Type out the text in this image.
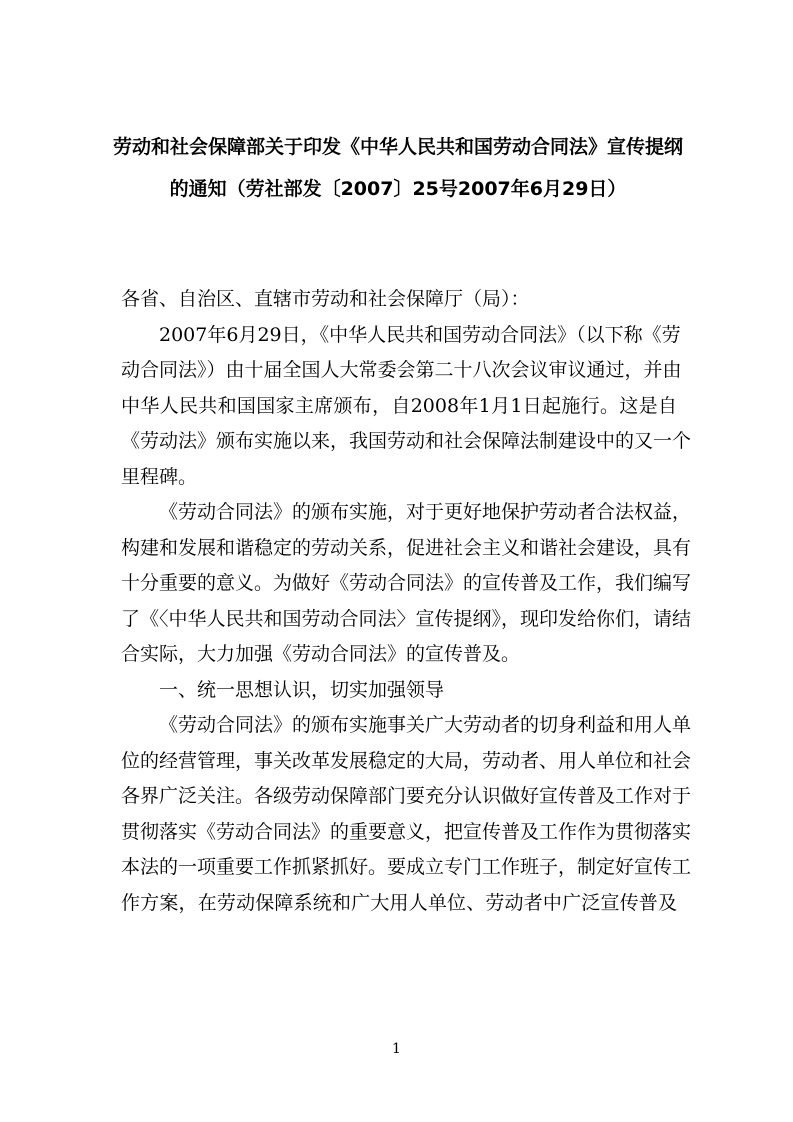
劳动和社会保障部关于印发《中华人民共和国劳动合同法》宣传提纲
的通知（劳社部发〔2007〕25号2007年6月29日）
各省、自治区、直辖市劳动和社会保障厅（局）：
2007年6月29日，《中华人民共和国劳动合同法》（以下称《劳
动合同法》）由十届全国人大常委会第二十八次会议审议通过，并由
中华人民共和国国家主席颁布，自2008年1月1日起施行。这是自
《劳动法》颁布实施以来，我国劳动和社会保障法制建设中的又一个
里程碑。
《劳动合同法》的颁布实施，对于更好地保护劳动者合法权益，
构建和发展和谐稳定的劳动关系，促进社会主义和谐社会建设，具有
十分重要的意义。为做好《劳动合同法》的宣传普及工作，我们编写
了《〈中华人民共和国劳动合同法〉宣传提纲》，现印发给你们，请结
合实际，大力加强《劳动合同法》的宣传普及。
一、统一思想认识，切实加强领导
《劳动合同法》的颁布实施事关广大劳动者的切身利益和用人单
位的经营管理，事关改革发展稳定的大局，劳动者、用人单位和社会
各界广泛关注。各级劳动保障部门要充分认识做好宣传普及工作对于
贯彻落实《劳动合同法》的重要意义，把宣传普及工作作为贯彻落实
本法的一项重要工作抓紧抓好。要成立专门工作班子，制定好宣传工
作方案，在劳动保障系统和广大用人单位、劳动者中广泛宣传普及
1
